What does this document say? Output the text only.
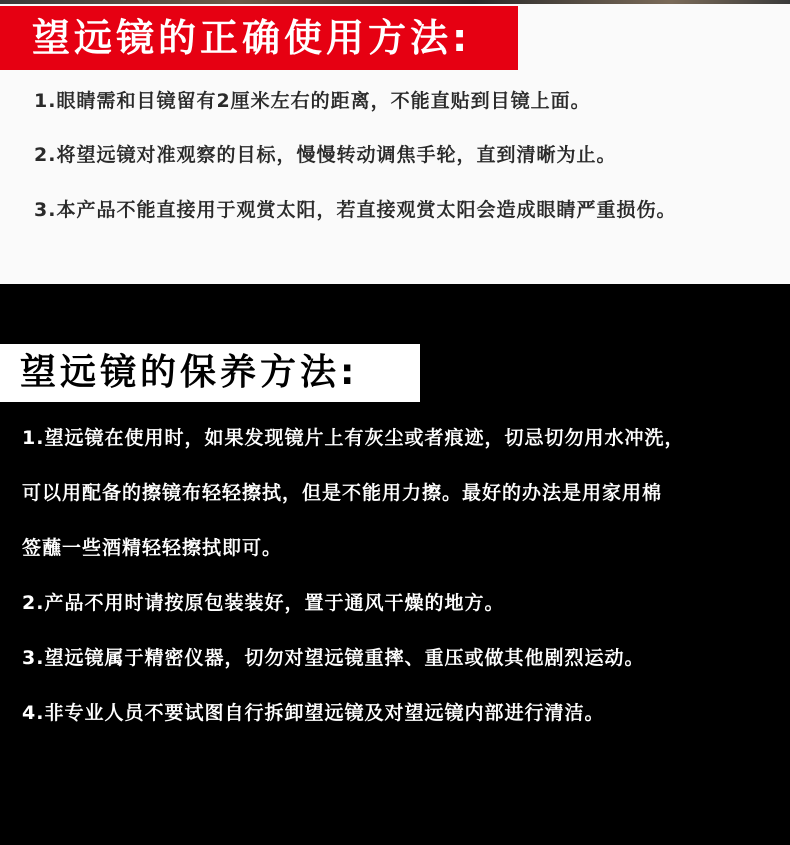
望远镜的正确使用方法:
1.眼睛需和目镜留有2厘米左右的距离，不能直贴到目镜上面。
2.将望远镜对准观察的目标，慢慢转动调焦手轮，直到清晰为止。
3.本产品不能直接用于观赏太阳，若直接观赏太阳会造成眼睛严重损伤。
望远镜的保养方法:
1.望远镜在使用时，如果发现镜片上有灰尘或者痕迹，切忌切勿用水冲洗，
可以用配备的擦镜布轻轻擦拭，但是不能用力擦。最好的办法是用家用棉
签蘸一些酒精轻轻擦拭即可。
2.产品不用时请按原包装装好，置于通风干燥的地方。
3.望远镜属于精密仪器，切勿对望远镜重摔、重压或做其他剧烈运动。
4.非专业人员不要试图自行拆卸望远镜及对望远镜内部进行清洁。
